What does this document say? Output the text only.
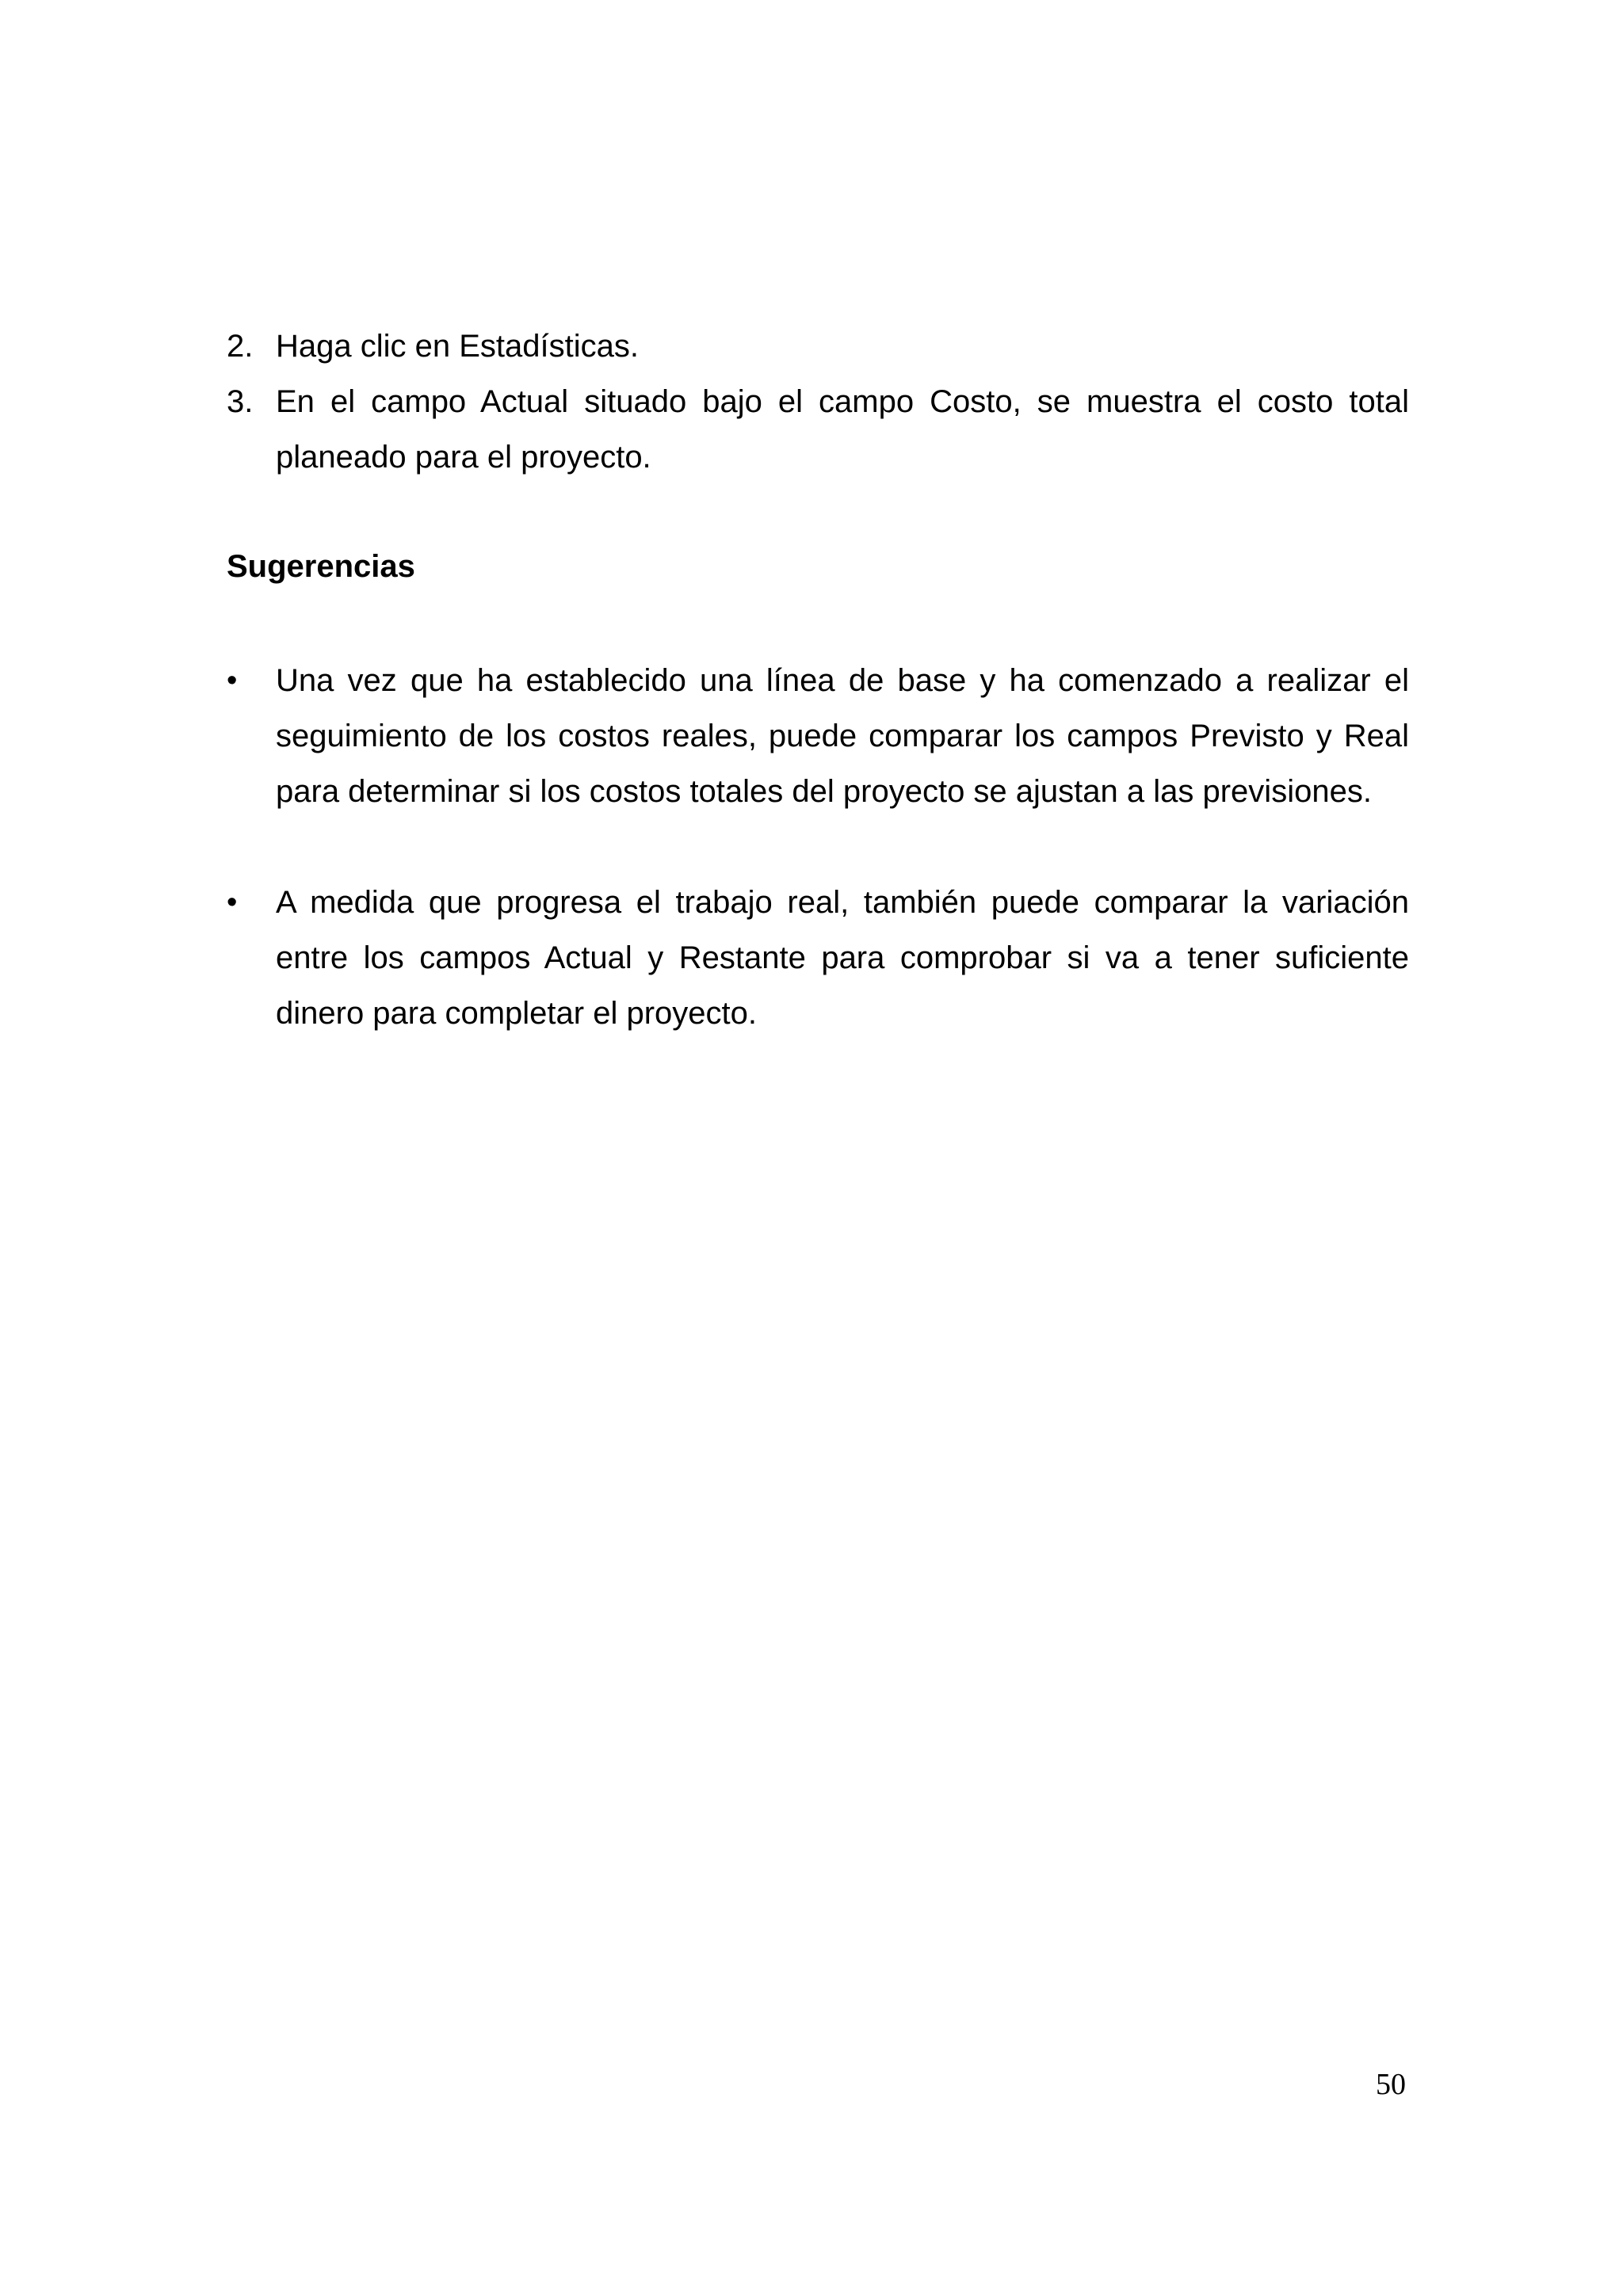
2. Haga clic en Estadísticas.
3. En el campo Actual situado bajo el campo Costo, se muestra el costo total planeado para el proyecto.
Sugerencias
•	Una vez que ha establecido una línea de base y ha comenzado a realizar el seguimiento de los costos reales, puede comparar los campos Previsto y Real para determinar si los costos totales del proyecto se ajustan a las previsiones.
•	A medida que progresa el trabajo real, también puede comparar la variación entre los campos Actual y Restante para comprobar si va a tener suficiente dinero para completar el proyecto.
50
